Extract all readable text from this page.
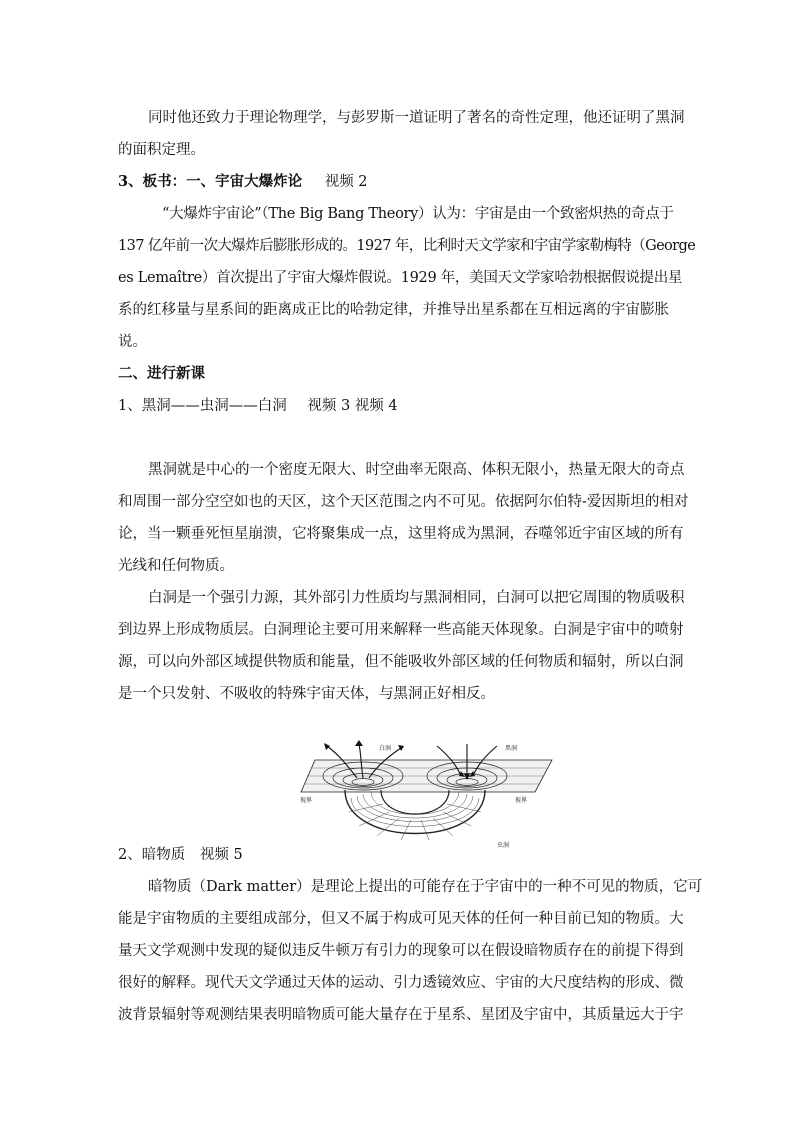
同时他还致力于理论物理学，与彭罗斯一道证明了著名的奇性定理，他还证明了黑洞
的面积定理。
3、板书：一、宇宙大爆炸论 视频 2
“大爆炸宇宙论”（The Big Bang Theory）认为：宇宙是由一个致密炽热的奇点于
137 亿年前一次大爆炸后膨胀形成的。1927 年，比利时天文学家和宇宙学家勒梅特（George
es Lemaître）首次提出了宇宙大爆炸假说。1929 年，美国天文学家哈勃根据假说提出星
系的红移量与星系间的距离成正比的哈勃定律，并推导出星系都在互相远离的宇宙膨胀
说。
二、进行新课
1、黑洞——虫洞——白洞 视频 3 视频 4
黑洞就是中心的一个密度无限大、时空曲率无限高、体积无限小，热量无限大的奇点
和周围一部分空空如也的天区，这个天区范围之内不可见。依据阿尔伯特-爱因斯坦的相对
论，当一颗垂死恒星崩溃，它将聚集成一点，这里将成为黑洞，吞噬邻近宇宙区域的所有
光线和任何物质。
白洞是一个强引力源，其外部引力性质均与黑洞相同，白洞可以把它周围的物质吸积
到边界上形成物质层。白洞理论主要可用来解释一些高能天体现象。白洞是宇宙中的喷射
源，可以向外部区域提供物质和能量，但不能吸收外部区域的任何物质和辐射，所以白洞
是一个只发射、不吸收的特殊宇宙天体，与黑洞正好相反。
白洞	黑洞
视界	视界
虫洞
2、暗物质 视频 5
暗物质（Dark matter）是理论上提出的可能存在于宇宙中的一种不可见的物质，它可
能是宇宙物质的主要组成部分，但又不属于构成可见天体的任何一种目前已知的物质。大
量天文学观测中发现的疑似违反牛顿万有引力的现象可以在假设暗物质存在的前提下得到
很好的解释。现代天文学通过天体的运动、引力透镜效应、宇宙的大尺度结构的形成、微
波背景辐射等观测结果表明暗物质可能大量存在于星系、星团及宇宙中，其质量远大于宇
